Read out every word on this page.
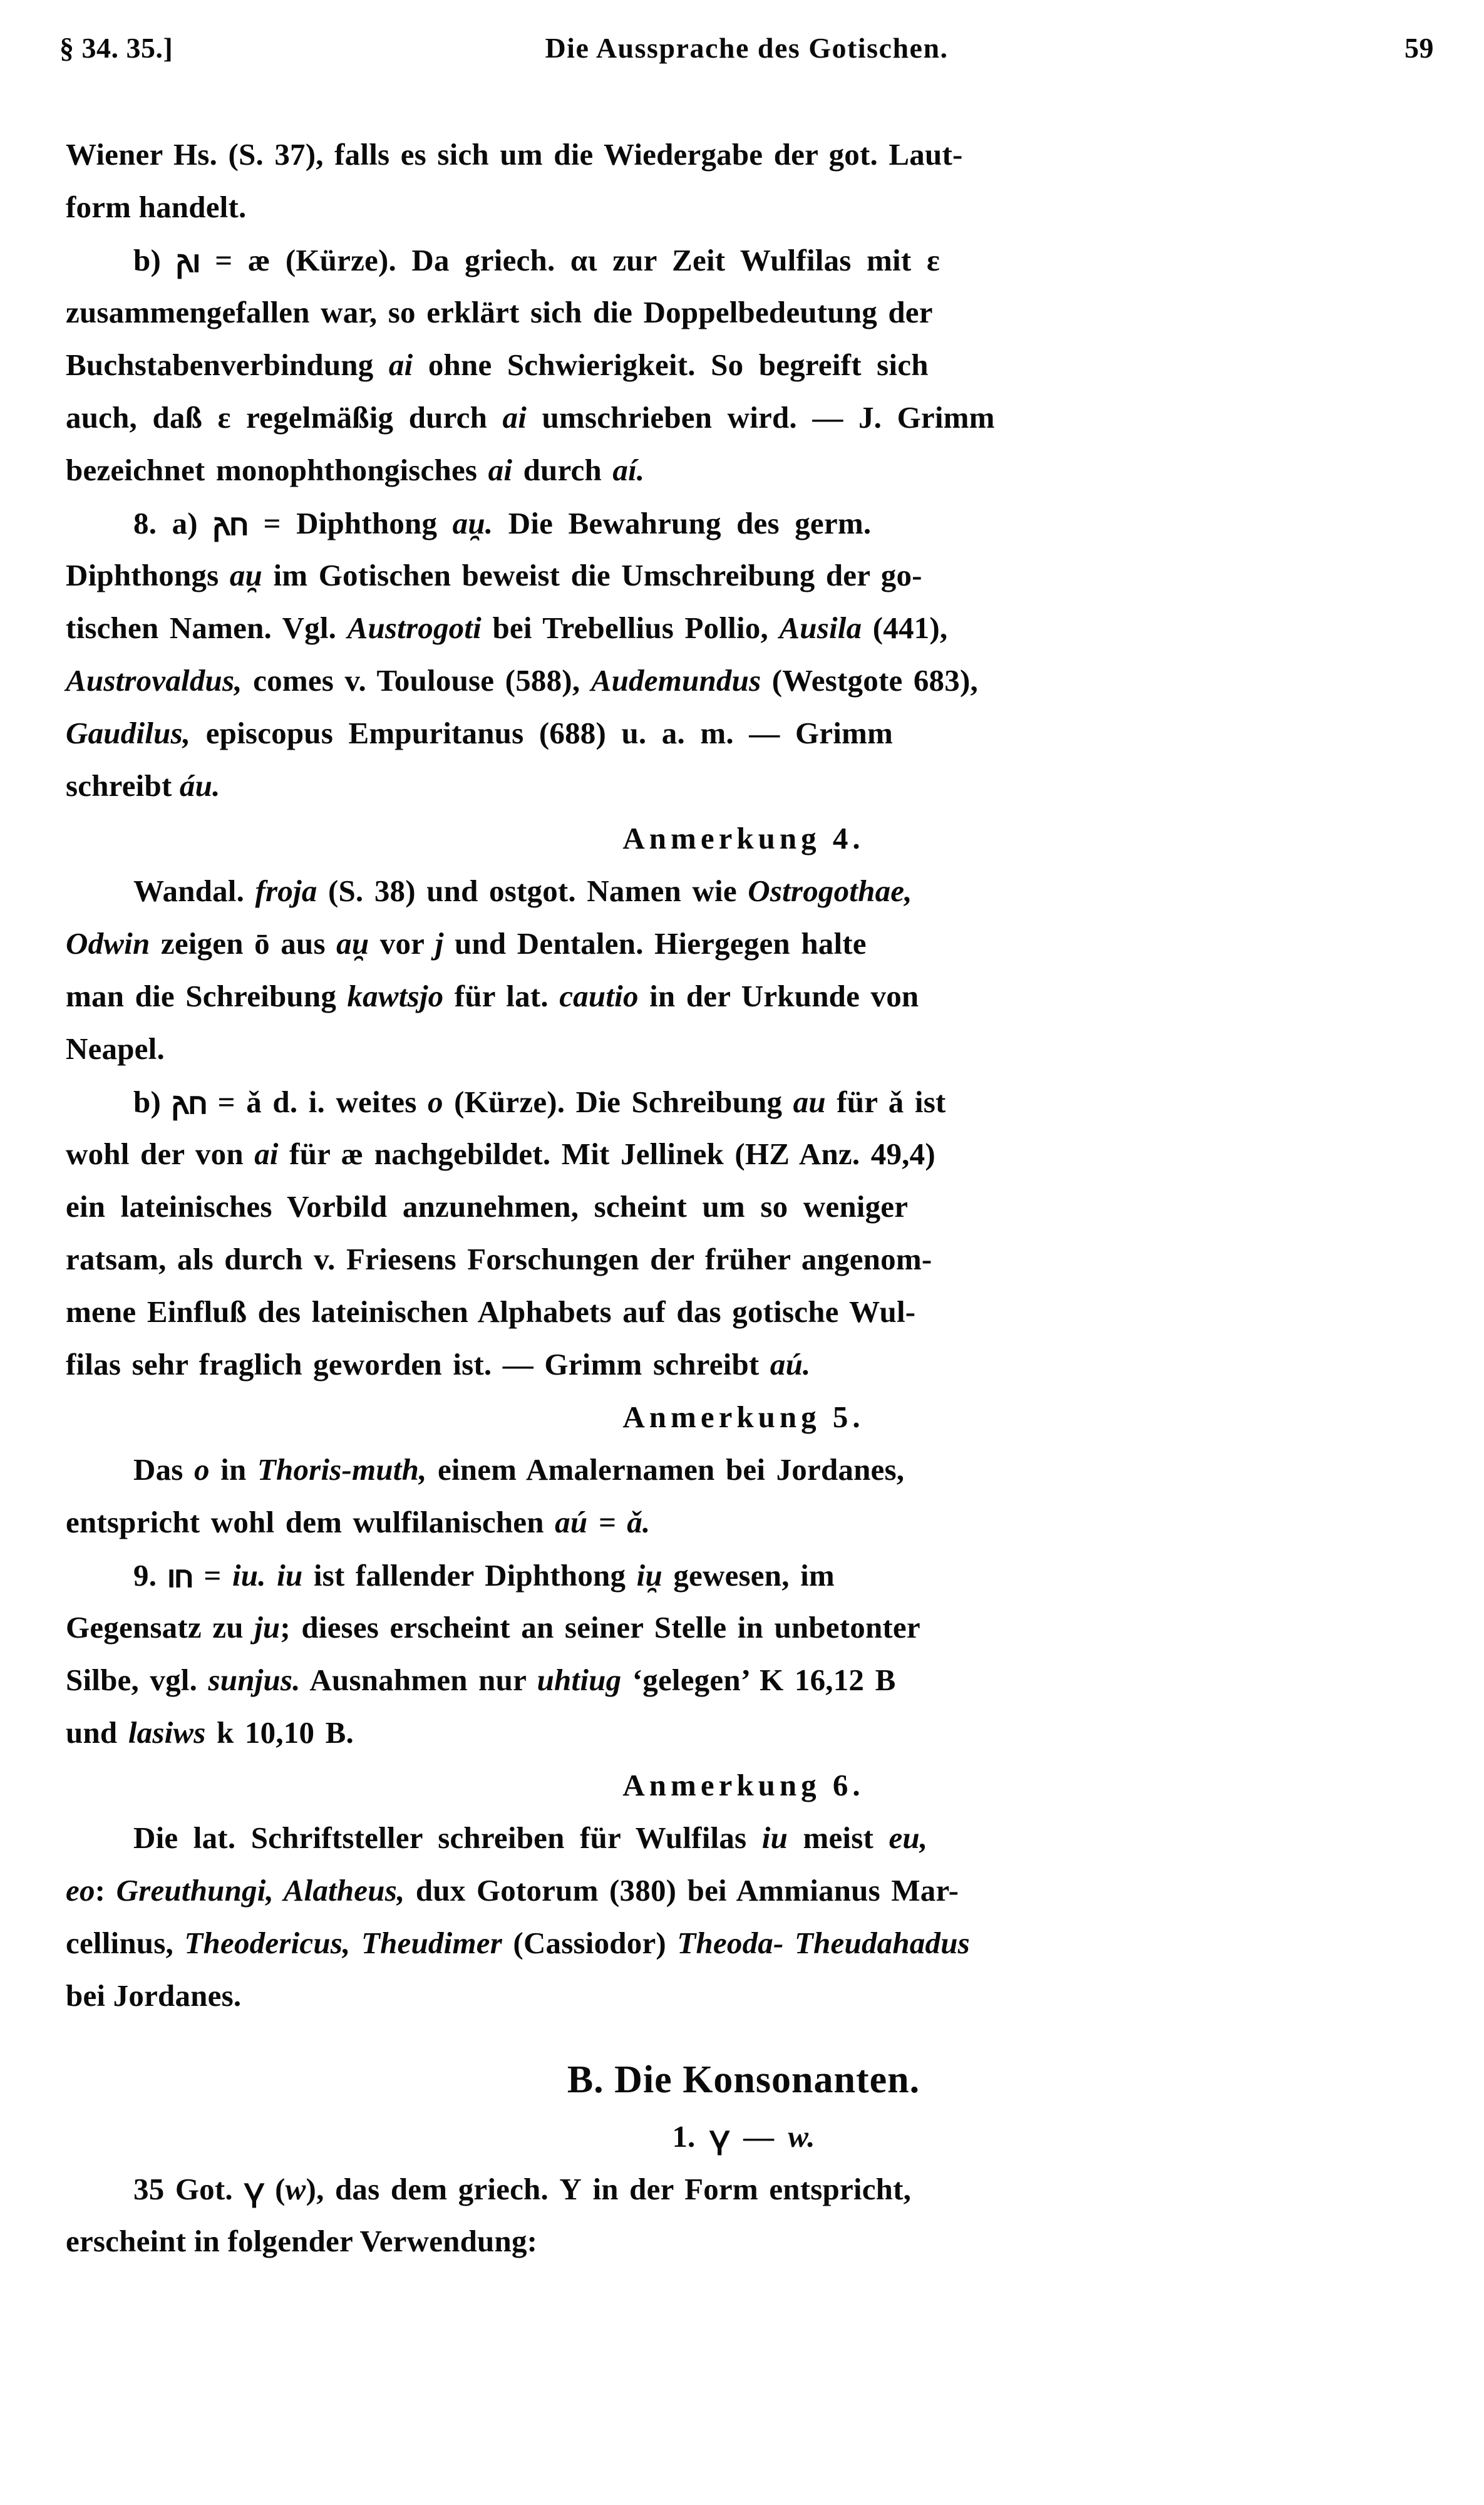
§ 34. 35.]	Die Aussprache des Gotischen.	59
Wiener Hs. (S. 37), falls es sich um die Wiedergabe der got. Laut-
form handelt.
b) 𐌰𐌹 = æ (Kürze). Da griech. αι zur Zeit Wulfilas mit ε
zusammengefallen war, so erklärt sich die Doppelbedeutung der
Buchstabenverbindung ai ohne Schwierigkeit. So begreift sich
auch, daß ε regelmäßig durch ai umschrieben wird. — J. Grimm
bezeichnet monophthongisches ai durch aí.
8. a) 𐌰𐌿 = Diphthong au̯. Die Bewahrung des germ.
Diphthongs au̯ im Gotischen beweist die Umschreibung der go-
tischen Namen. Vgl. Austrogoti bei Trebellius Pollio, Ausila (441),
Austrovaldus, comes v. Toulouse (588), Audemundus (Westgote 683),
Gaudilus, episcopus Empuritanus (688) u. a. m. — Grimm
schreibt áu.
Anmerkung 4.
Wandal. froja (S. 38) und ostgot. Namen wie Ostrogothae,
Odwin zeigen ō aus au̯ vor j und Dentalen. Hiergegen halte
man die Schreibung kawtsjo für lat. cautio in der Urkunde von
Neapel.
b) 𐌰𐌿 = ǎ d. i. weites o (Kürze). Die Schreibung au für ǎ ist
wohl der von ai für æ nachgebildet. Mit Jellinek (HZ Anz. 49,4)
ein lateinisches Vorbild anzunehmen, scheint um so weniger
ratsam, als durch v. Friesens Forschungen der früher angenom-
mene Einfluß des lateinischen Alphabets auf das gotische Wul-
filas sehr fraglich geworden ist. — Grimm schreibt aú.
Anmerkung 5.
Das o in Thoris-muth, einem Amalernamen bei Jordanes,
entspricht wohl dem wulfilanischen aú = ǎ.
9. 𐌹𐌿 = iu. iu ist fallender Diphthong iu̯ gewesen, im
Gegensatz zu ju; dieses erscheint an seiner Stelle in unbetonter
Silbe, vgl. sunjus. Ausnahmen nur uhtiug ‘gelegen’ K 16,12 B
und lasiws k 10,10 B.
Anmerkung 6.
Die lat. Schriftsteller schreiben für Wulfilas iu meist eu,
eo: Greuthungi, Alatheus, dux Gotorum (380) bei Ammianus Mar-
cellinus, Theodericus, Theudimer (Cassiodor) Theoda- Theudahadus
bei Jordanes.
B. Die Konsonanten.
1. 𐍅 — w.
35 Got. 𐍅 (w), das dem griech. Υ in der Form entspricht,
erscheint in folgender Verwendung:
